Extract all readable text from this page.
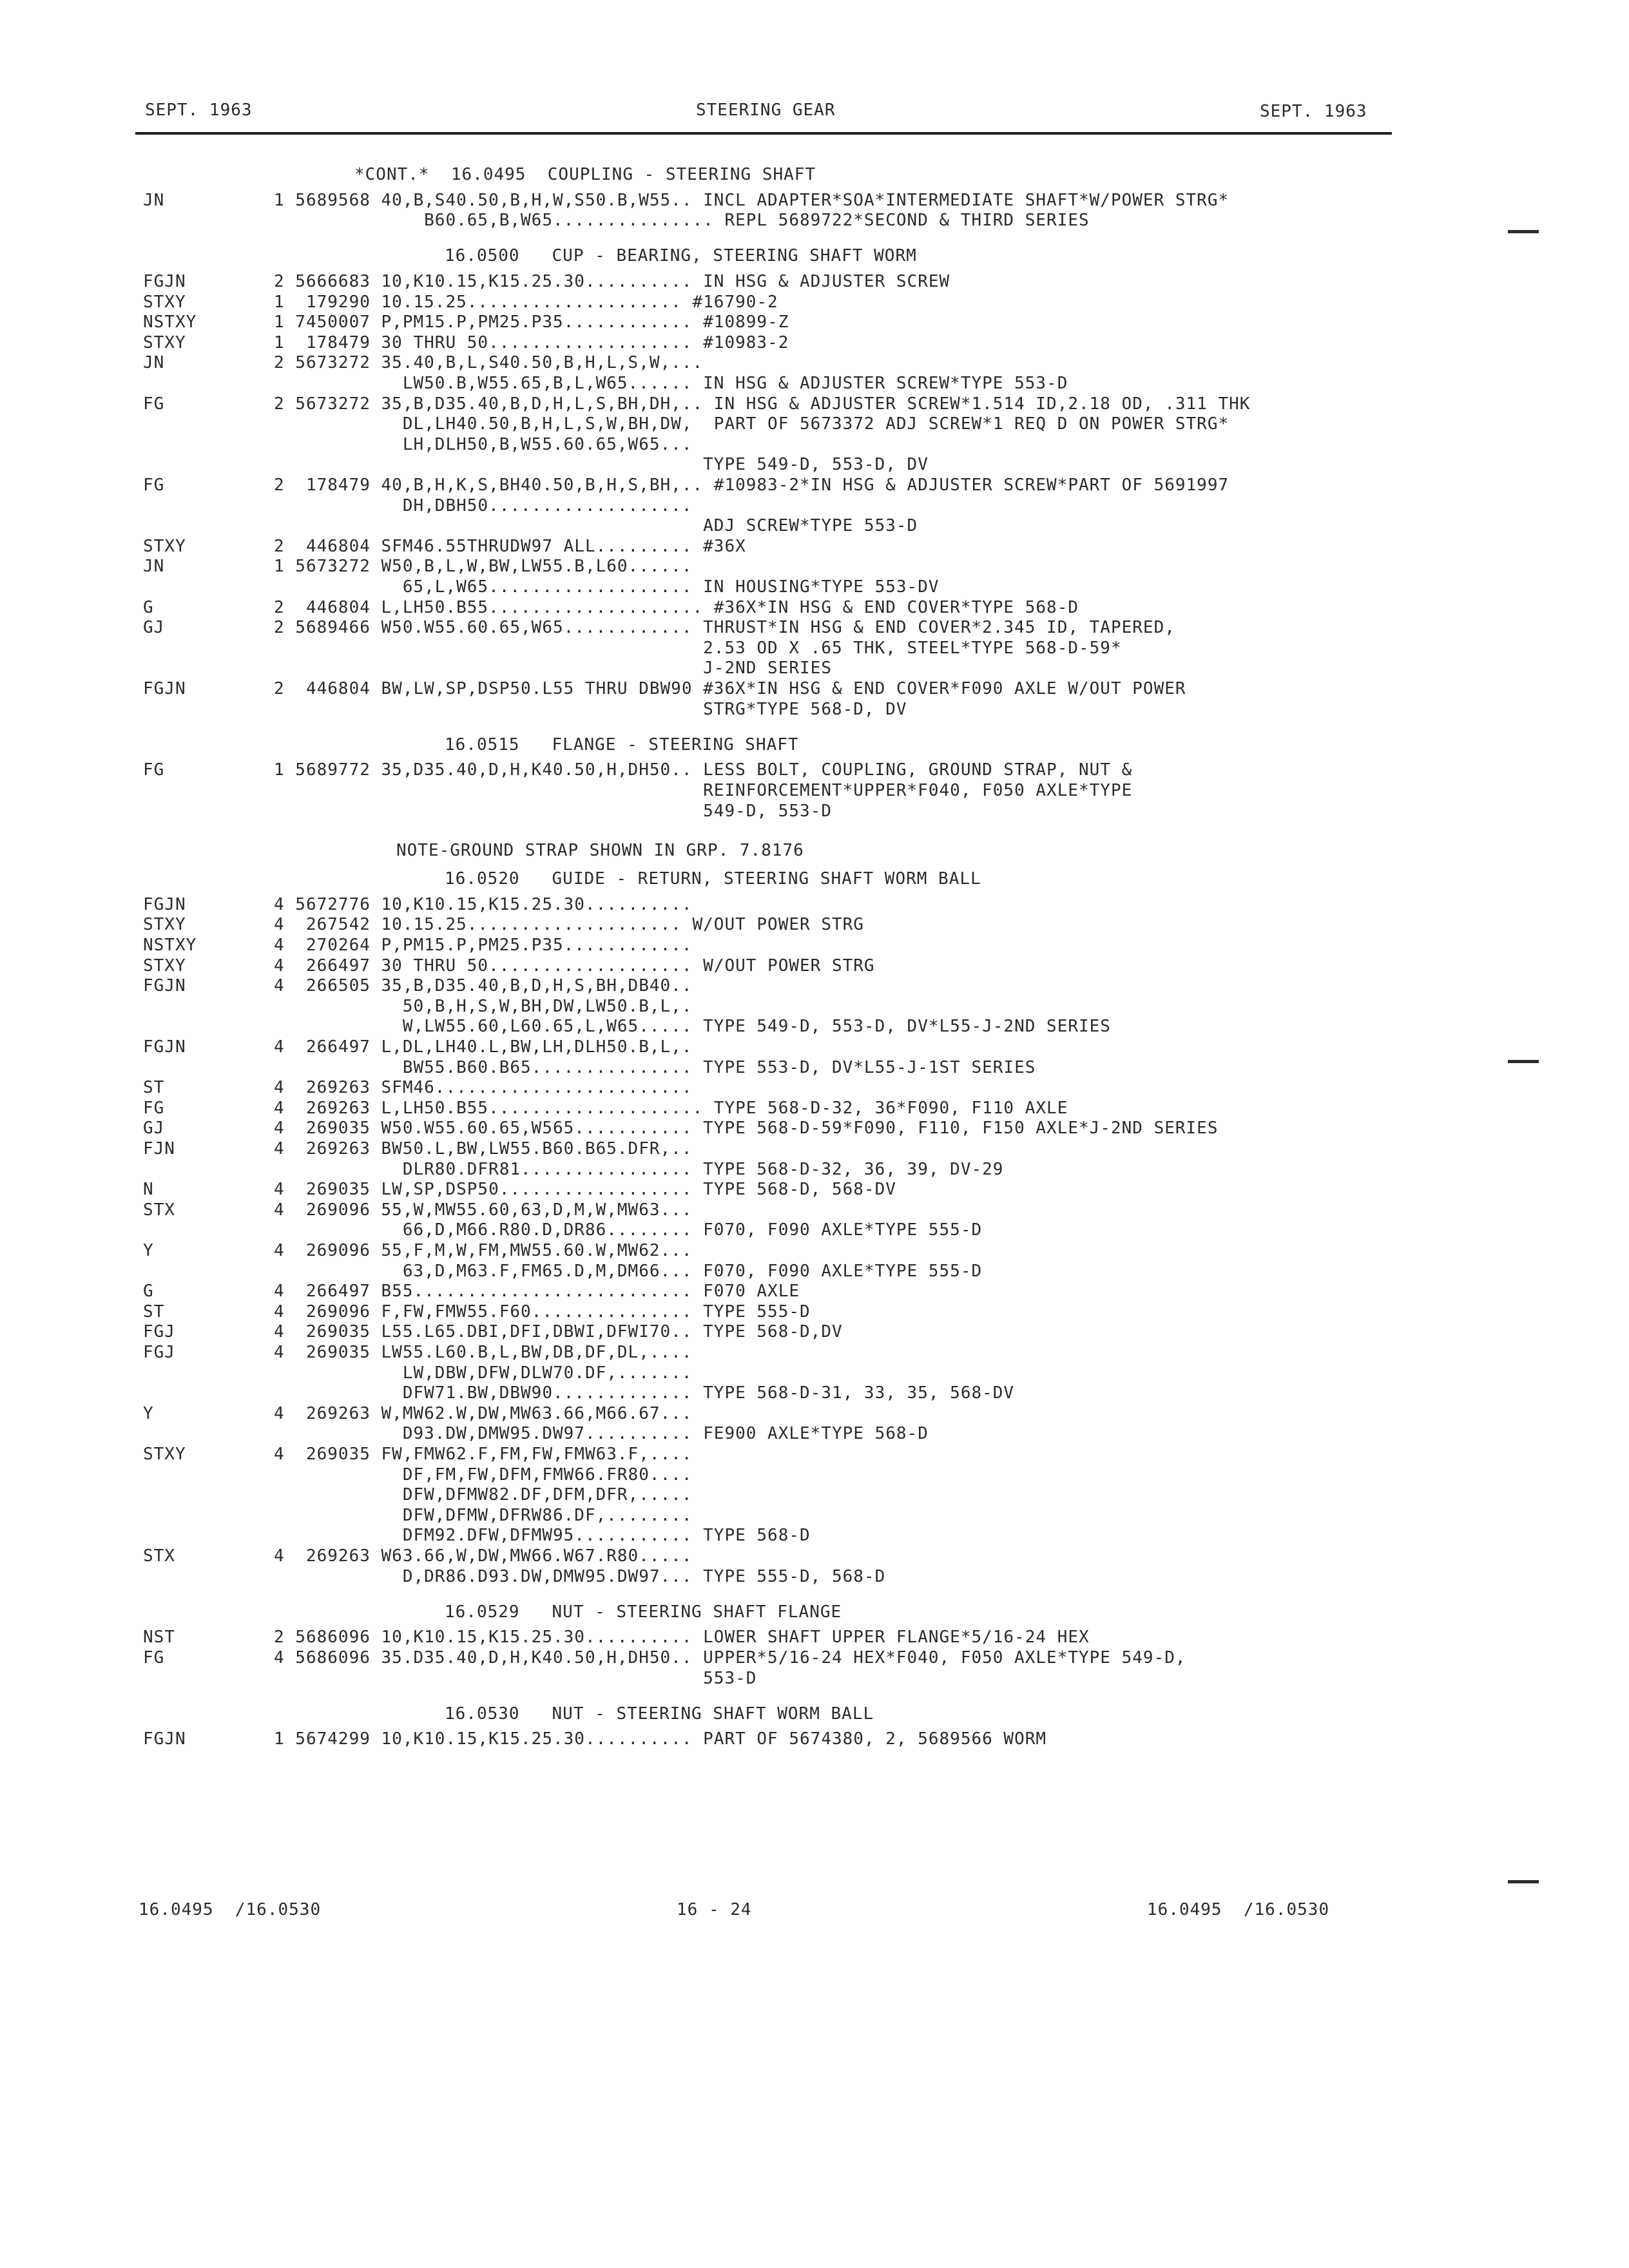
SEPT. 1963	STEERING GEAR	SEPT. 1963
*CONT.*  16.0495  COUPLING - STEERING SHAFT
JN	1 5689568 40,B,S40.50,B,H,W,S50.B,W55.. INCL ADAPTER*SOA*INTERMEDIATE SHAFT*W/POWER STRG*
B60.65,B,W65............... REPL 5689722*SECOND & THIRD SERIES
16.0500   CUP - BEARING, STEERING SHAFT WORM
FGJN	2 5666683 10,K10.15,K15.25.30.......... IN HSG & ADJUSTER SCREW
STXY	1  179290 10.15.25.................... #16790-2
NSTXY	1 7450007 P,PM15.P,PM25.P35............ #10899-Z
STXY	1  178479 30 THRU 50................... #10983-2
JN	2 5673272 35.40,B,L,S40.50,B,H,L,S,W,...
LW50.B,W55.65,B,L,W65...... IN HSG & ADJUSTER SCREW*TYPE 553-D
FG	2 5673272 35,B,D35.40,B,D,H,L,S,BH,DH,.. IN HSG & ADJUSTER SCREW*1.514 ID,2.18 OD, .311 THK
DL,LH40.50,B,H,L,S,W,BH,DW,  PART OF 5673372 ADJ SCREW*1 REQ D ON POWER STRG*
LH,DLH50,B,W55.60.65,W65...
TYPE 549-D, 553-D, DV
FG	2  178479 40,B,H,K,S,BH40.50,B,H,S,BH,.. #10983-2*IN HSG & ADJUSTER SCREW*PART OF 5691997
DH,DBH50...................
ADJ SCREW*TYPE 553-D
STXY	2  446804 SFM46.55THRUDW97 ALL......... #36X
JN	1 5673272 W50,B,L,W,BW,LW55.B,L60......
65,L,W65................... IN HOUSING*TYPE 553-DV
G	2  446804 L,LH50.B55.................... #36X*IN HSG & END COVER*TYPE 568-D
GJ	2 5689466 W50.W55.60.65,W65............ THRUST*IN HSG & END COVER*2.345 ID, TAPERED,
2.53 OD X .65 THK, STEEL*TYPE 568-D-59*
J-2ND SERIES
FGJN	2  446804 BW,LW,SP,DSP50.L55 THRU DBW90 #36X*IN HSG & END COVER*F090 AXLE W/OUT POWER
STRG*TYPE 568-D, DV
16.0515   FLANGE - STEERING SHAFT
FG	1 5689772 35,D35.40,D,H,K40.50,H,DH50.. LESS BOLT, COUPLING, GROUND STRAP, NUT &
REINFORCEMENT*UPPER*F040, F050 AXLE*TYPE
549-D, 553-D
NOTE-GROUND STRAP SHOWN IN GRP. 7.8176
16.0520   GUIDE - RETURN, STEERING SHAFT WORM BALL
FGJN	4 5672776 10,K10.15,K15.25.30..........
STXY	4  267542 10.15.25.................... W/OUT POWER STRG
NSTXY	4  270264 P,PM15.P,PM25.P35............
STXY	4  266497 30 THRU 50................... W/OUT POWER STRG
FGJN	4  266505 35,B,D35.40,B,D,H,S,BH,DB40..
50,B,H,S,W,BH,DW,LW50.B,L,.
W,LW55.60,L60.65,L,W65..... TYPE 549-D, 553-D, DV*L55-J-2ND SERIES
FGJN	4  266497 L,DL,LH40.L,BW,LH,DLH50.B,L,.
BW55.B60.B65............... TYPE 553-D, DV*L55-J-1ST SERIES
ST	4  269263 SFM46........................
FG	4  269263 L,LH50.B55.................... TYPE 568-D-32, 36*F090, F110 AXLE
GJ	4  269035 W50.W55.60.65,W565........... TYPE 568-D-59*F090, F110, F150 AXLE*J-2ND SERIES
FJN	4  269263 BW50.L,BW,LW55.B60.B65.DFR,..
DLR80.DFR81................ TYPE 568-D-32, 36, 39, DV-29
N	4  269035 LW,SP,DSP50.................. TYPE 568-D, 568-DV
STX	4  269096 55,W,MW55.60,63,D,M,W,MW63...
66,D,M66.R80.D,DR86........ F070, F090 AXLE*TYPE 555-D
Y	4  269096 55,F,M,W,FM,MW55.60.W,MW62...
63,D,M63.F,FM65.D,M,DM66... F070, F090 AXLE*TYPE 555-D
G	4  266497 B55.......................... F070 AXLE
ST	4  269096 F,FW,FMW55.F60............... TYPE 555-D
FGJ	4  269035 L55.L65.DBI,DFI,DBWI,DFWI70.. TYPE 568-D,DV
FGJ	4  269035 LW55.L60.B,L,BW,DB,DF,DL,....
LW,DBW,DFW,DLW70.DF,.......
DFW71.BW,DBW90............. TYPE 568-D-31, 33, 35, 568-DV
Y	4  269263 W,MW62.W,DW,MW63.66,M66.67...
D93.DW,DMW95.DW97.......... FE900 AXLE*TYPE 568-D
STXY	4  269035 FW,FMW62.F,FM,FW,FMW63.F,....
DF,FM,FW,DFM,FMW66.FR80....
DFW,DFMW82.DF,DFM,DFR,.....
DFW,DFMW,DFRW86.DF,........
DFM92.DFW,DFMW95........... TYPE 568-D
STX	4  269263 W63.66,W,DW,MW66.W67.R80.....
D,DR86.D93.DW,DMW95.DW97... TYPE 555-D, 568-D
16.0529   NUT - STEERING SHAFT FLANGE
NST	2 5686096 10,K10.15,K15.25.30.......... LOWER SHAFT UPPER FLANGE*5/16-24 HEX
FG	4 5686096 35.D35.40,D,H,K40.50,H,DH50.. UPPER*5/16-24 HEX*F040, F050 AXLE*TYPE 549-D,
553-D
16.0530   NUT - STEERING SHAFT WORM BALL
FGJN	1 5674299 10,K10.15,K15.25.30.......... PART OF 5674380, 2, 5689566 WORM
16.0495  /16.0530	16 - 24	16.0495  /16.0530
